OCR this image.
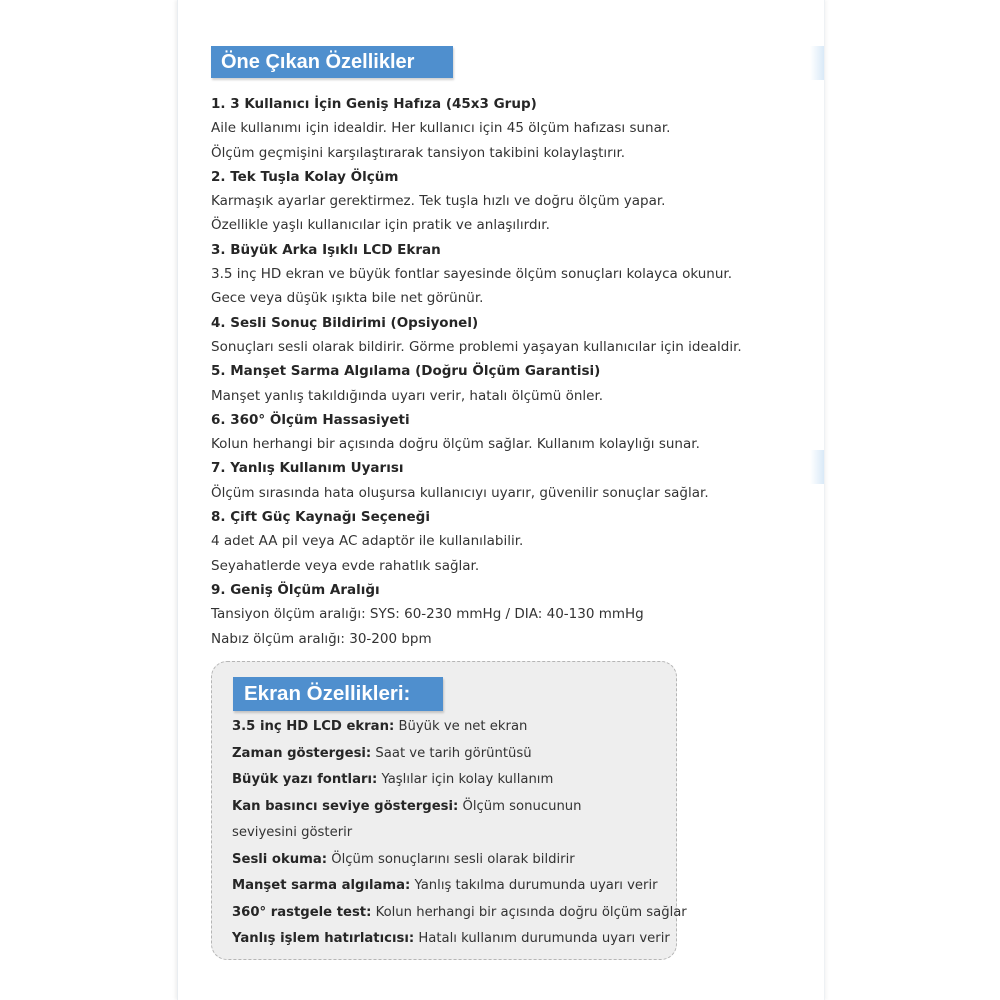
Öne Çıkan Özellikler
1. 3 Kullanıcı İçin Geniş Hafıza (45x3 Grup)
Aile kullanımı için idealdir. Her kullanıcı için 45 ölçüm hafızası sunar.
Ölçüm geçmişini karşılaştırarak tansiyon takibini kolaylaştırır.
2. Tek Tuşla Kolay Ölçüm
Karmaşık ayarlar gerektirmez. Tek tuşla hızlı ve doğru ölçüm yapar.
Özellikle yaşlı kullanıcılar için pratik ve anlaşılırdır.
3. Büyük Arka Işıklı LCD Ekran
3.5 inç HD ekran ve büyük fontlar sayesinde ölçüm sonuçları kolayca okunur.
Gece veya düşük ışıkta bile net görünür.
4. Sesli Sonuç Bildirimi (Opsiyonel)
Sonuçları sesli olarak bildirir. Görme problemi yaşayan kullanıcılar için idealdir.
5. Manşet Sarma Algılama (Doğru Ölçüm Garantisi)
Manşet yanlış takıldığında uyarı verir, hatalı ölçümü önler.
6. 360° Ölçüm Hassasiyeti
Kolun herhangi bir açısında doğru ölçüm sağlar. Kullanım kolaylığı sunar.
7. Yanlış Kullanım Uyarısı
Ölçüm sırasında hata oluşursa kullanıcıyı uyarır, güvenilir sonuçlar sağlar.
8. Çift Güç Kaynağı Seçeneği
4 adet AA pil veya AC adaptör ile kullanılabilir.
Seyahatlerde veya evde rahatlık sağlar.
9. Geniş Ölçüm Aralığı
Tansiyon ölçüm aralığı: SYS: 60-230 mmHg / DIA: 40-130 mmHg
Nabız ölçüm aralığı: 30-200 bpm
Ekran Özellikleri:
3.5 inç HD LCD ekran: Büyük ve net ekran
Zaman göstergesi: Saat ve tarih görüntüsü
Büyük yazı fontları: Yaşlılar için kolay kullanım
Kan basıncı seviye göstergesi: Ölçüm sonucunun
seviyesini gösterir
Sesli okuma: Ölçüm sonuçlarını sesli olarak bildirir
Manşet sarma algılama: Yanlış takılma durumunda uyarı verir
360° rastgele test: Kolun herhangi bir açısında doğru ölçüm sağlar
Yanlış işlem hatırlatıcısı: Hatalı kullanım durumunda uyarı verir
